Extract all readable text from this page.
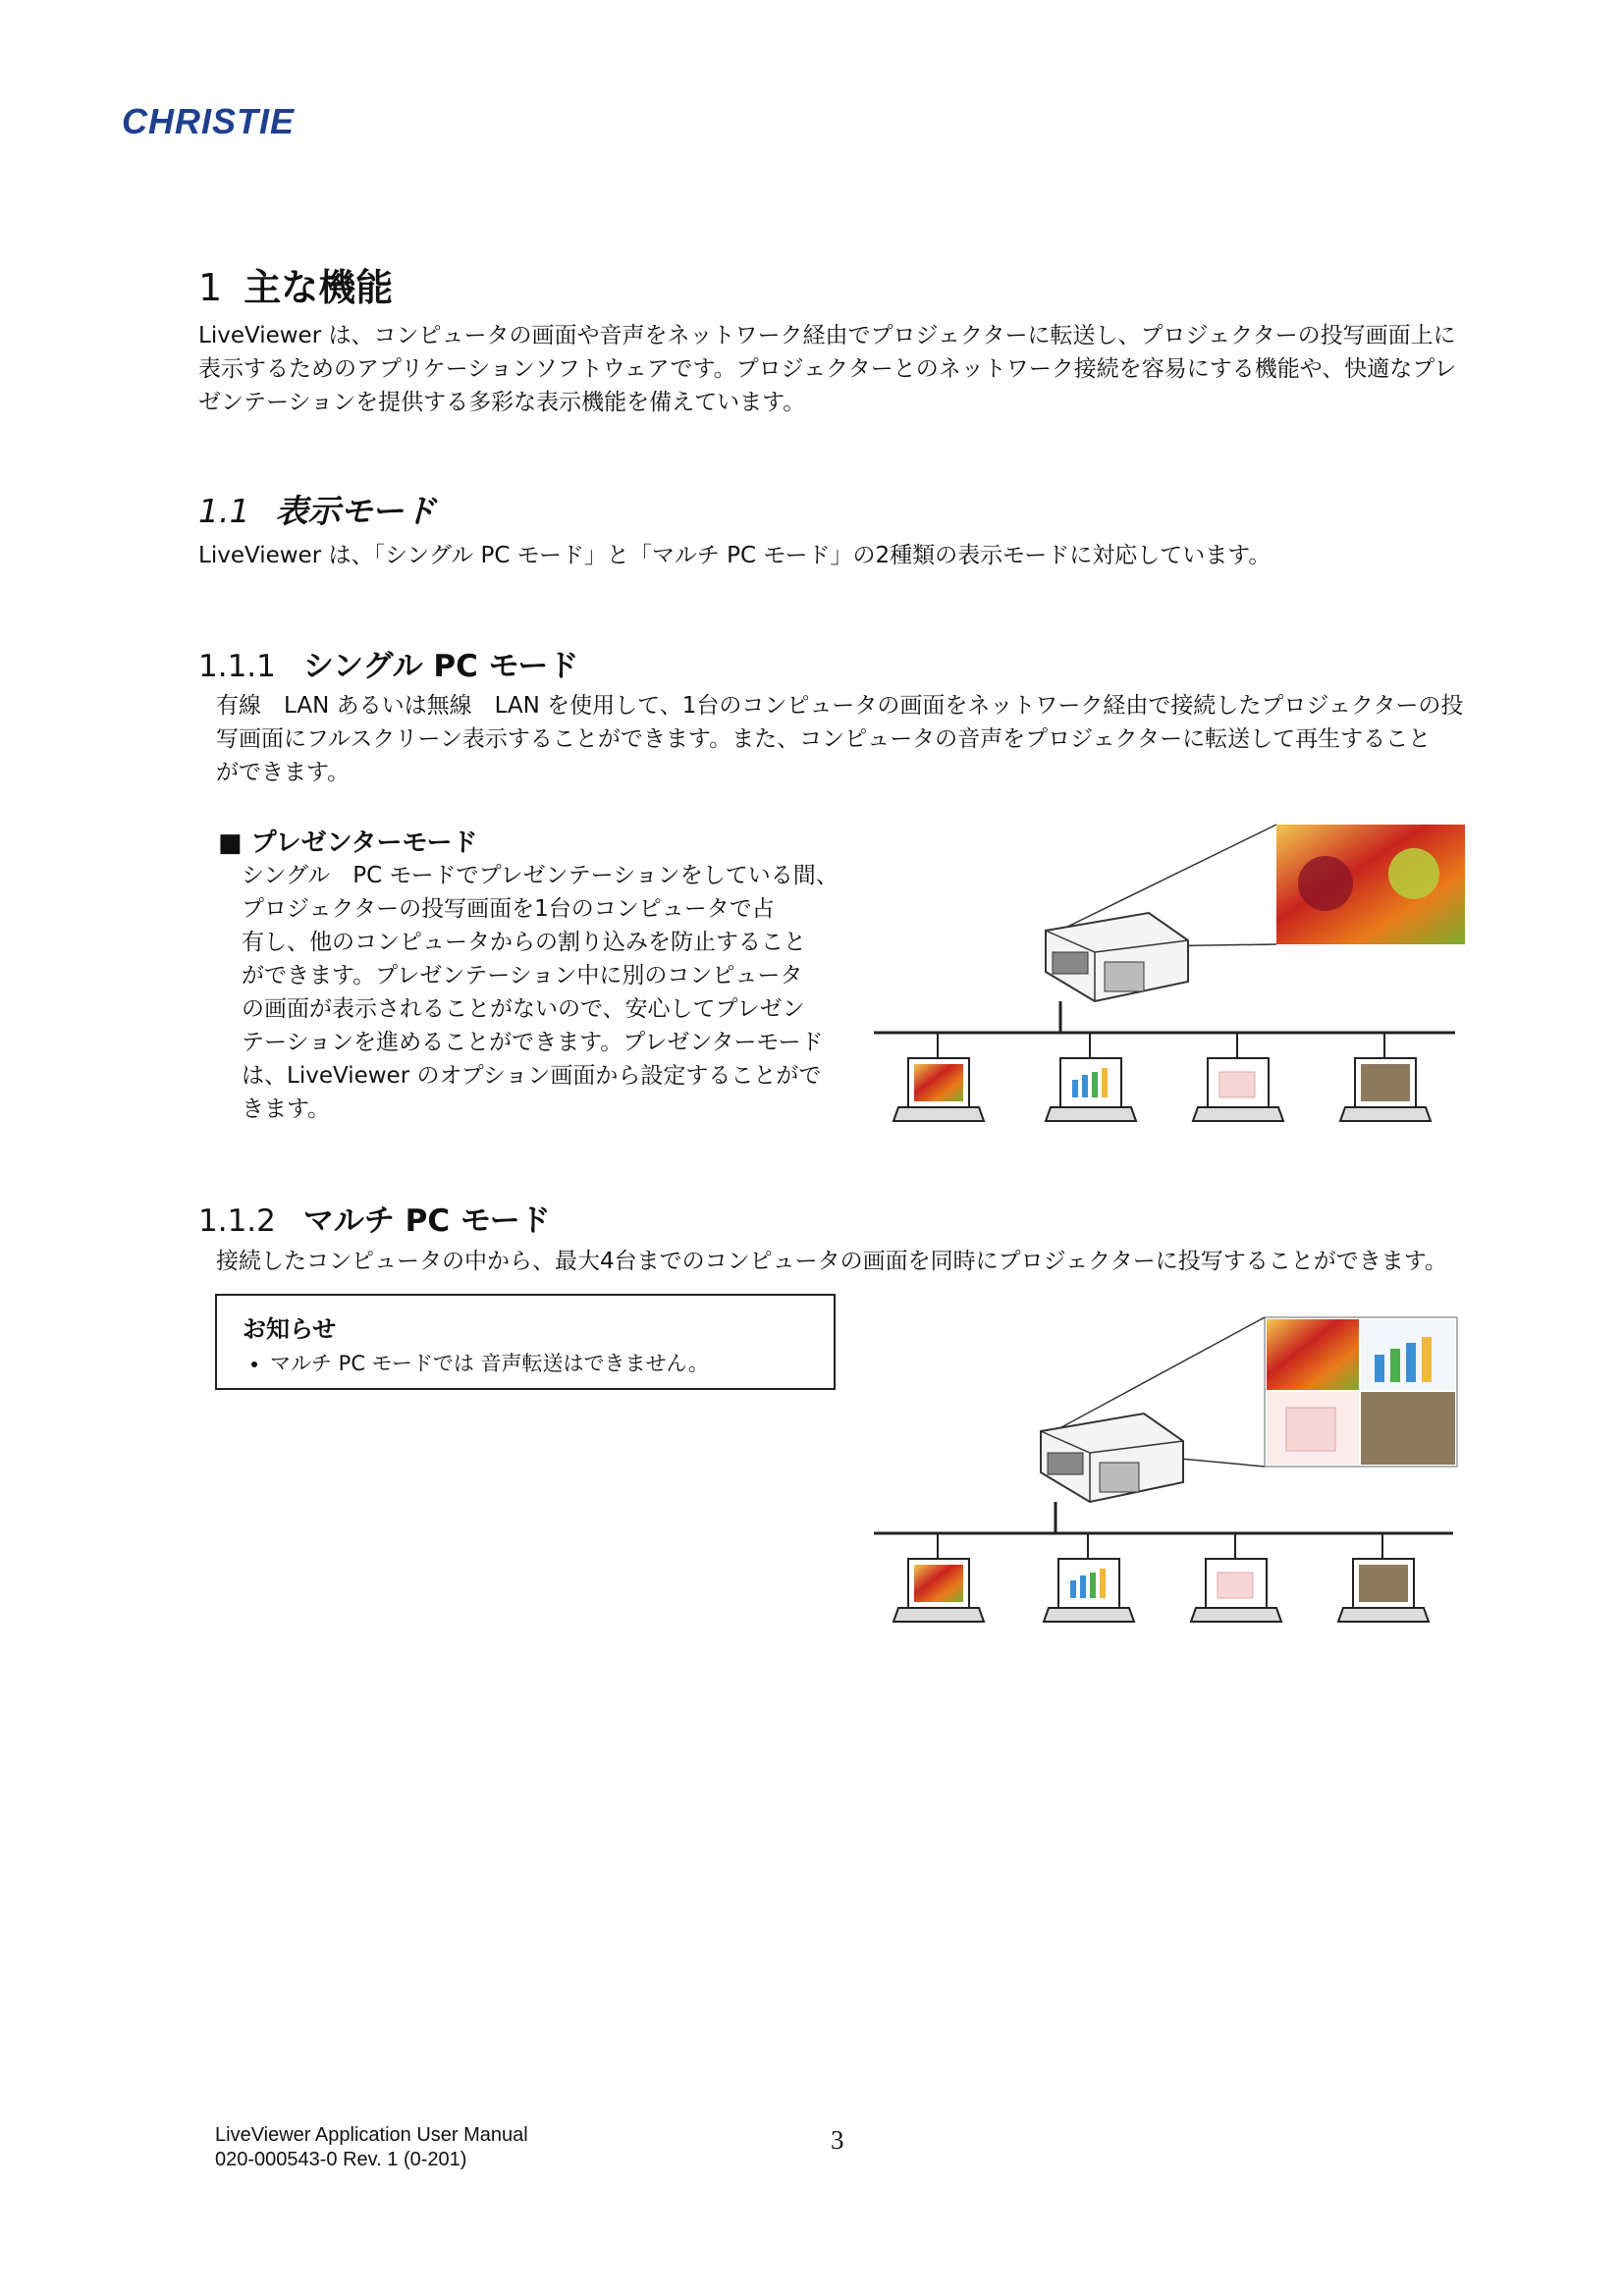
CHRISTIE
1 主な機能

LiveViewer は、コンピュータの画面や音声をネットワーク経由でプロジェクターに転送し、プロジェクターの投写画面上に

表示するためのアプリケーションソフトウェアです。プロジェクターとのネットワーク接続を容易にする機能や、快適なプレ

ゼンテーションを提供する多彩な表示機能を備えています。

1.1 表示モード

LiveViewer は、「シングル PC モード」と「マルチ PC モード」の2種類の表示モードに対応しています。

1.1.1 シングル PC モード

有線　LAN あるいは無線　LAN を使用して、1台のコンピュータの画面をネットワーク経由で接続したプロジェクターの投

写画面にフルスクリーン表示することができます。また、コンピュータの音声をプロジェクターに転送して再生すること

ができます。

■ プレゼンターモード

シングル　PC モードでプレゼンテーションをしている間、

プロジェクターの投写画面を1台のコンピュータで占

有し、他のコンピュータからの割り込みを防止すること

ができます。プレゼンテーション中に別のコンピュータ

の画面が表示されることがないので、安心してプレゼン

テーションを進めることができます。プレゼンターモード

は、LiveViewer のオプション画面から設定することがで

きます。

1.1.2 マルチ PC モード

接続したコンピュータの中から、最大4台までのコンピュータの画面を同時にプロジェクターに投写することができます。

お知らせ

• マルチ PC モードでは 音声転送はできません。
LiveViewer Application User Manual
020-000543-0 Rev. 1 (0-201)
3
